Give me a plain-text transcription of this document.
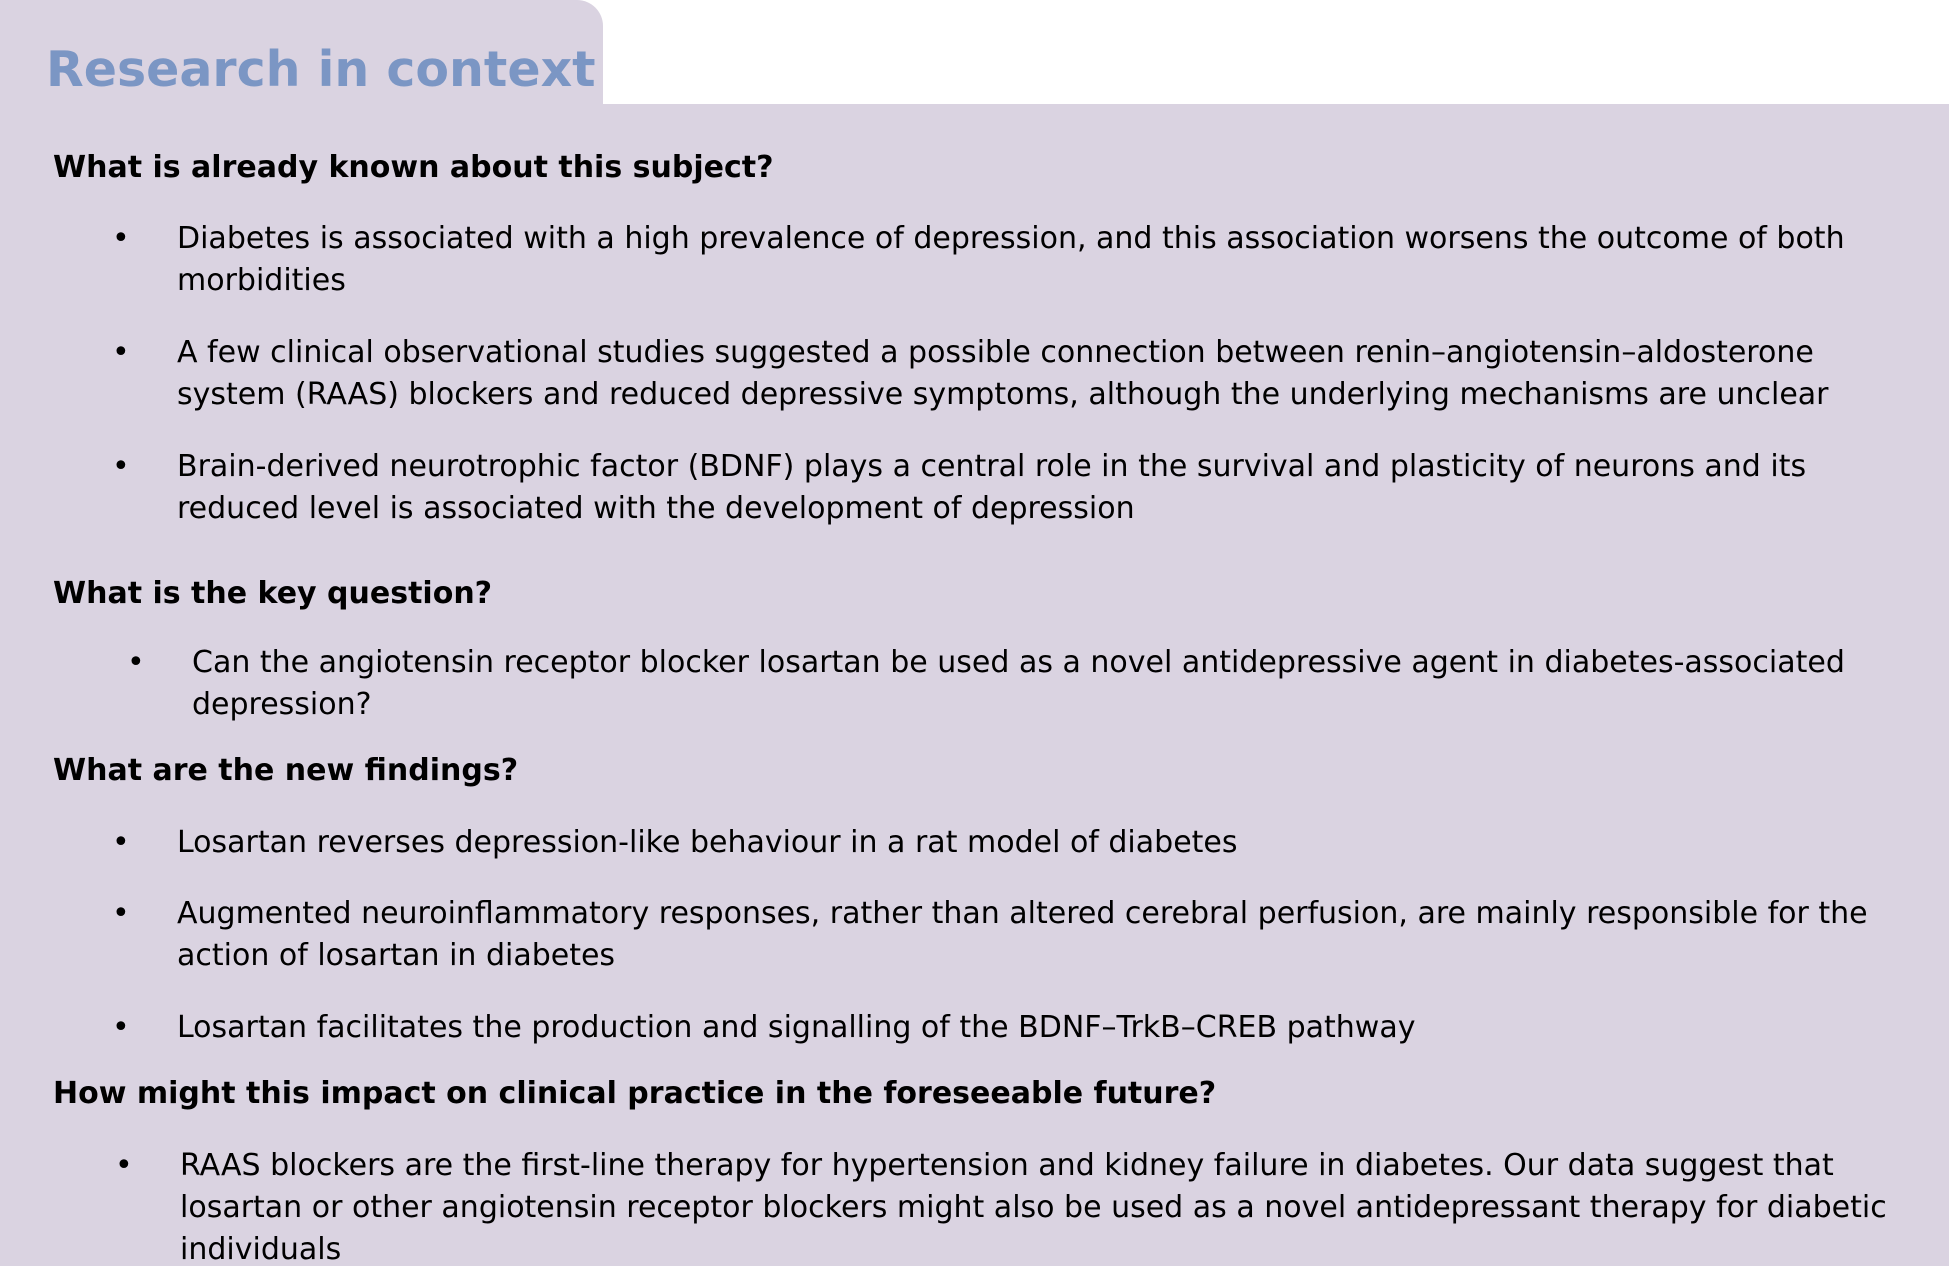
Research in context
What is already known about this subject?
•	Diabetes is associated with a high prevalence of depression, and this association worsens the outcome of both morbidities
•	A few clinical observational studies suggested a possible connection between renin–angiotensin–aldosterone system (RAAS) blockers and reduced depressive symptoms, although the underlying mechanisms are unclear
•	Brain-derived neurotrophic factor (BDNF) plays a central role in the survival and plasticity of neurons and its reduced level is associated with the development of depression
What is the key question?
•	Can the angiotensin receptor blocker losartan be used as a novel antidepressive agent in diabetes-associated depression?
What are the new findings?
•	Losartan reverses depression-like behaviour in a rat model of diabetes
•	Augmented neuroinflammatory responses, rather than altered cerebral perfusion, are mainly responsible for the action of losartan in diabetes
•	Losartan facilitates the production and signalling of the BDNF–TrkB–CREB pathway
How might this impact on clinical practice in the foreseeable future?
•	RAAS blockers are the first-line therapy for hypertension and kidney failure in diabetes. Our data suggest that losartan or other angiotensin receptor blockers might also be used as a novel antidepressant therapy for diabetic individuals
